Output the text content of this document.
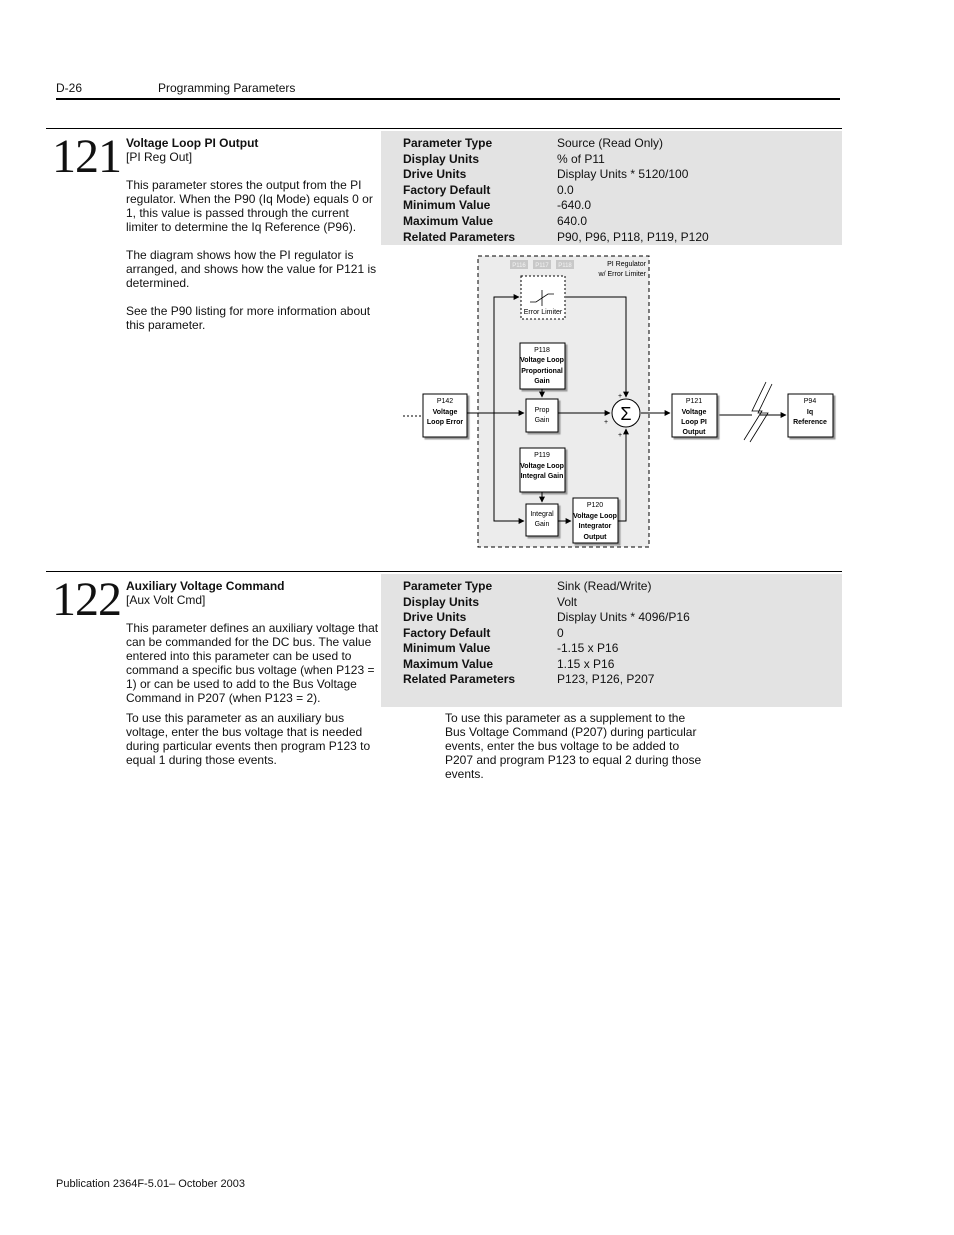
D-26	Programming Parameters
121 Voltage Loop PI Output
[PI Reg Out]

This parameter stores the output from the PI regulator. When the P90 (Iq Mode) equals 0 or 1, this value is passed through the current limiter to determine the Iq Reference (P96).

The diagram shows how the PI regulator is arranged, and shows how the value for P121 is determined.

See the P90 listing for more information about this parameter.

Parameter Type	Source (Read Only)
Display Units	% of P11
Drive Units	Display Units * 5120/100
Factory Default	0.0
Minimum Value	-640.0
Maximum Value	640.0
Related Parameters	P90, P96, P118, P119, P120
PI Regulator
w/ Error Limiter
P116 P117 P118
Error Limiter
P142
Voltage
Loop Error
P118
Voltage Loop
Proportional
Gain
Prop
Gain
P119
Voltage Loop
Integral Gain
Integral
Gain
P120
Voltage Loop
Integrator
Output
Σ
+
+
+
P121
Voltage
Loop PI
Output
P94
Iq
Reference
122 Auxiliary Voltage Command
[Aux Volt Cmd]

This parameter defines an auxiliary voltage that can be commanded for the DC bus. The value entered into this parameter can be used to command a specific bus voltage (when P123 = 1) or can be used to add to the Bus Voltage Command in P207 (when P123 = 2).

To use this parameter as an auxiliary bus voltage, enter the bus voltage that is needed during particular events then program P123 to equal 1 during those events.

To use this parameter as a supplement to the Bus Voltage Command (P207) during particular events, enter the bus voltage to be added to P207 and program P123 to equal 2 during those events.

Parameter Type	Sink (Read/Write)
Display Units	Volt
Drive Units	Display Units * 4096/P16
Factory Default	0
Minimum Value	-1.15 x P16
Maximum Value	1.15 x P16
Related Parameters	P123, P126, P207
Publication 2364F-5.01– October 2003
